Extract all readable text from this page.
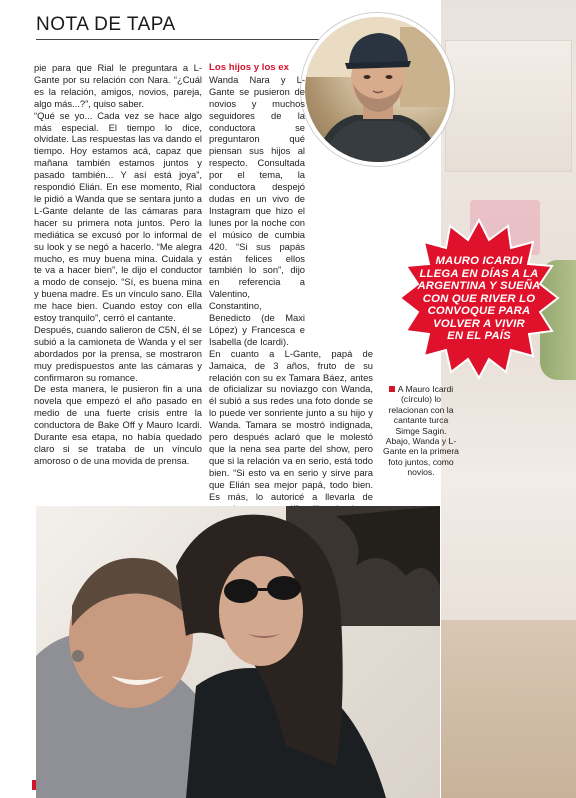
NOTA DE TAPA

pie para que Rial le preguntara a L-Gante por su relación con Nara. “¿Cuál es la relación, amigos, novios, pareja, algo más...?”, quiso saber.

“Qué se yo... Cada vez se hace algo más especial. El tiempo lo dice, olvidate. Las respuestas las va dando el tiempo. Hoy estamos acá, capaz que mañana también estamos juntos y pasado también... Y así está joya”, respondió Elián. En ese momento, Rial le pidió a Wanda que se sentara junto a L-Gante delante de las cámaras para hacer su primera nota juntos. Pero la mediática se excusó por lo informal de su look y se negó a hacerlo. “Me alegra mucho, es muy buena mina. Cuidala y te va a hacer bien”, le dijo el conductor a modo de consejo. “Sí, es buena mina y buena madre. Es un vínculo sano. Ella me hace bien. Cuando estoy con ella estoy tranquilo”, cerró el cantante.

Después, cuando salieron de C5N, él se subió a la camioneta de Wanda y el ser abordados por la prensa, se mostraron muy predispuestos ante las cámaras y confirmaron su romance.

De esta manera, le pusieron fin a una novela que empezó el año pasado en medio de una fuerte crisis entre la conductora de Bake Off y Mauro Icardi. Durante esa etapa, no había quedado claro si se trataba de un vínculo amoroso o de una movida de prensa.

Los hijos y los ex

Wanda Nara y L-Gante se pusieron de novios y muchos seguidores de la conductora se preguntaron qué piensan sus hijos al respecto. Consultada por el tema, la conductora despejó dudas en un vivo de Instagram que hizo el lunes por la noche con el músico de cumbia 420. “Si sus papás están felices ellos también lo son”, dijo en referencia a Valentino, Constantino, Benedicto (de Maxi López) y Francesca e Isabella (de Icardi).

En cuanto a L-Gante, papá de Jamaica, de 3 años, fruto de su relación con su ex Tamara Báez, antes de oficializar su noviazgo con Wanda, él subió a sus redes una foto donde se lo puede ver sonriente junto a su hijo y Wanda. Tamara se mostró indignada, pero después aclaró que le molestó que la nena sea parte del show, pero que si la relación va en serio, está todo bien. “Si esto va en serio y sirve para que Elián sea mejor papá, todo bien. Es más, lo autoricé a llevarla de

MAURO ICARDI
LLEGA EN DÍAS A LA
ARGENTINA Y SUEÑA
CON QUE RIVER LO
CONVOQUE PARA
VOLVER A VIVIR
EN EL PAÍS
A Mauro Icardi (círculo) lo relacionan con la cantante turca Simge Sagin. Abajo, Wanda y L-Gante en la primera foto juntos, como novios.
